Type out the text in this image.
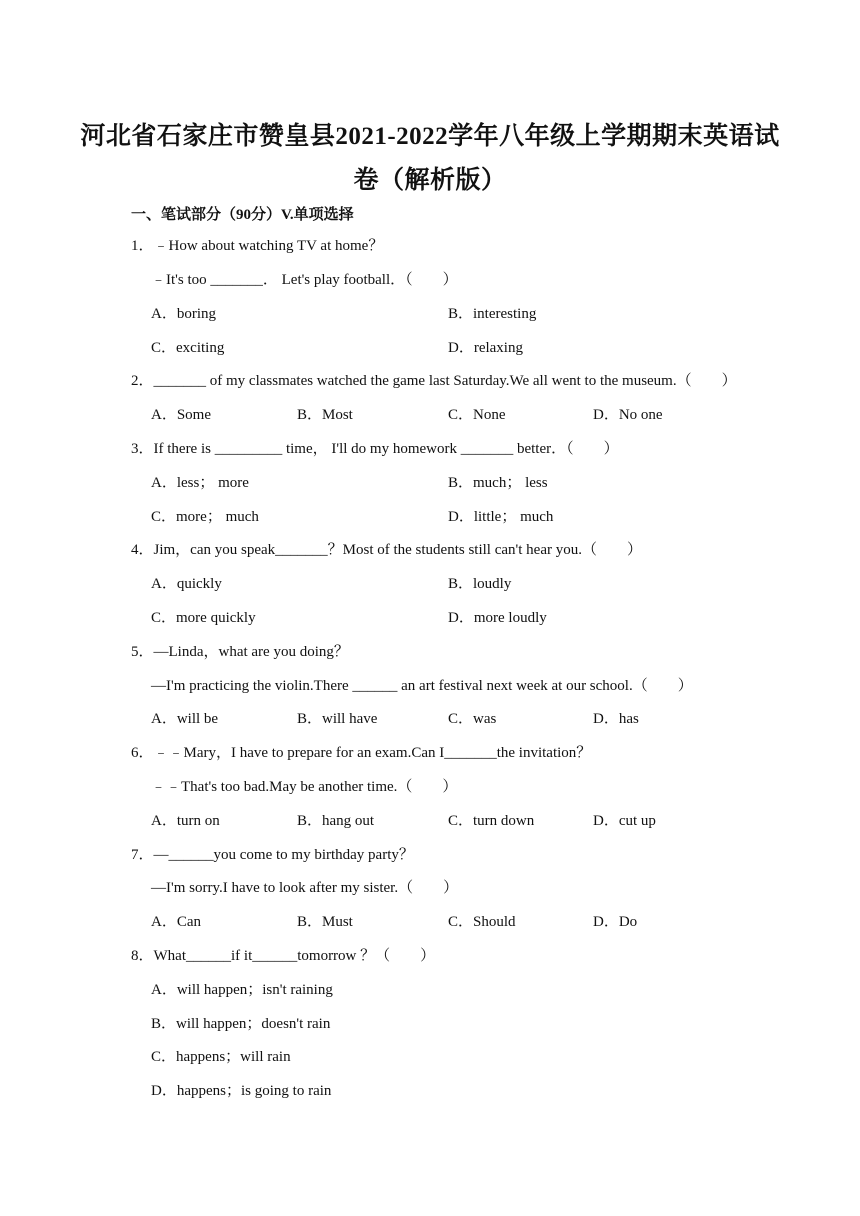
河北省石家庄市赞皇县2021-2022学年八年级上学期期末英语试
卷（解析版）
一、笔试部分（90分）V.单项选择
1．﹣How about watching TV at home？
﹣It's too _______． Let's play football．（　　）
A．boring	B．interesting
C．exciting	D．relaxing
2．_______ of my classmates watched the game last Saturday.We all went to the museum.（　　）
A．Some	B．Most	C．None	D．No one
3．If there is _________ time， I'll do my homework _______ better．（　　）
A．less； more	B．much； less
C．more； much	D．little； much
4．Jim，can you speak_______？Most of the students still can't hear you.（　　）
A．quickly	B．loudly
C．more quickly	D．more loudly
5．—Linda，what are you doing？
—I'm practicing the violin.There ______ an art festival next week at our school.（　　）
A．will be	B．will have	C．was	D．has
6．﹣﹣Mary，I have to prepare for an exam.Can I_______the invitation？
﹣﹣That's too bad.May be another time.（　　）
A．turn on	B．hang out	C．turn down	D．cut up
7．—______you come to my birthday party？
—I'm sorry.I have to look after my sister.（　　）
A．Can	B．Must	C．Should	D．Do
8．What______if it______tomorrow ？（　　）
A．will happen；isn't raining
B．will happen；doesn't rain
C．happens；will rain
D．happens；is going to rain
